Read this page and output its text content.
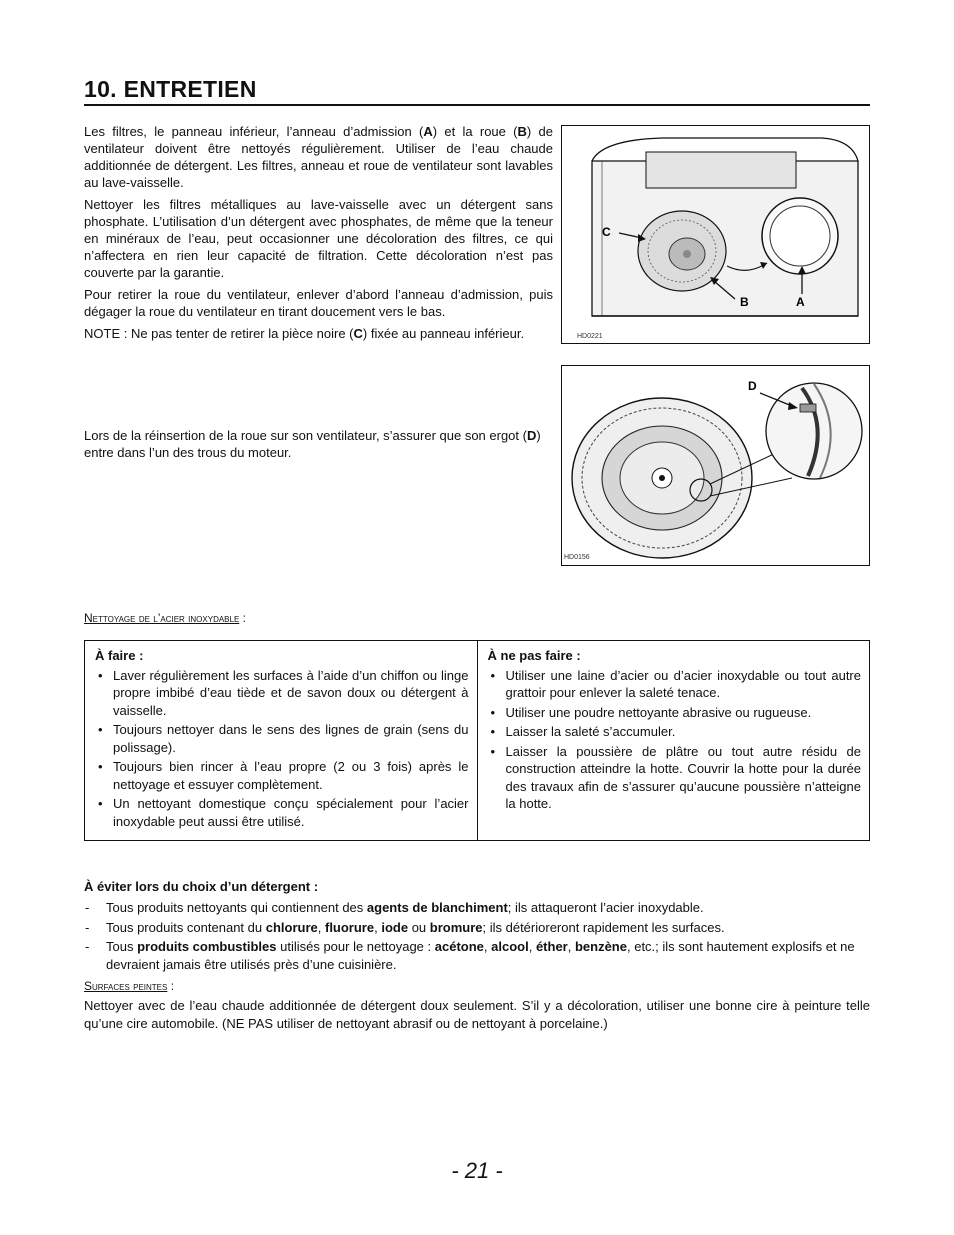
10. ENTRETIEN

Les filtres, le panneau inférieur, l’anneau d’admission (A) et la roue (B) de ventilateur doivent être nettoyés régulièrement. Utiliser de l’eau chaude additionnée de détergent. Les filtres, anneau et roue de ventilateur sont lavables au lave-vaisselle.

Nettoyer les filtres métalliques au lave-vaisselle avec un détergent sans phosphate. L’utilisation d’un détergent avec phosphates, de même que la teneur en minéraux de l’eau, peut occasionner une décoloration des filtres, ce qui n’affectera en rien leur capacité de filtration. Cette décoloration n’est pas couverte par la garantie.

Pour retirer la roue du ventilateur, enlever d’abord l’anneau d’admission, puis dégager la roue du ventilateur en tirant doucement vers le bas.

NOTE : Ne pas tenter de retirer la pièce noire (C) fixée au panneau inférieur.

C
B	A
HD0221

Lors de la réinsertion de la roue sur son ventilateur, s’assurer que son ergot (D) entre dans l’un des trous du moteur.

D
HD0156
Nettoyage de l’acier inoxydable :
À faire :
• Laver régulièrement les surfaces à l’aide d’un chiffon ou linge propre imbibé d’eau tiède et de savon doux ou détergent à vaisselle.
• Toujours nettoyer dans le sens des lignes de grain (sens du polissage).
• Toujours bien rincer à l’eau propre (2 ou 3 fois) après le nettoyage et essuyer complètement.
• Un nettoyant domestique conçu spécialement pour l’acier inoxydable peut aussi être utilisé.

À ne pas faire :
• Utiliser une laine d’acier ou d’acier inoxydable ou tout autre grattoir pour enlever la saleté tenace.
• Utiliser une poudre nettoyante abrasive ou rugueuse.
• Laisser la saleté s’accumuler.
• Laisser la poussière de plâtre ou tout autre résidu de construction atteindre la hotte. Couvrir la hotte pour la durée des travaux afin de s’assurer qu’aucune poussière n’atteigne la hotte.
À éviter lors du choix d’un détergent :
- Tous produits nettoyants qui contiennent des agents de blanchiment; ils attaqueront l’acier inoxydable.
- Tous produits contenant du chlorure, fluorure, iode ou bromure; ils détérioreront rapidement les surfaces.
- Tous produits combustibles utilisés pour le nettoyage : acétone, alcool, éther, benzène, etc.; ils sont hautement explosifs et ne devraient jamais être utilisés près d’une cuisinière.
Surfaces peintes :

Nettoyer avec de l’eau chaude additionnée de détergent doux seulement. S’il y a décoloration, utiliser une bonne cire à peinture telle qu’une cire automobile. (NE PAS utiliser de nettoyant abrasif ou de nettoyant à porcelaine.)

- 21 -
